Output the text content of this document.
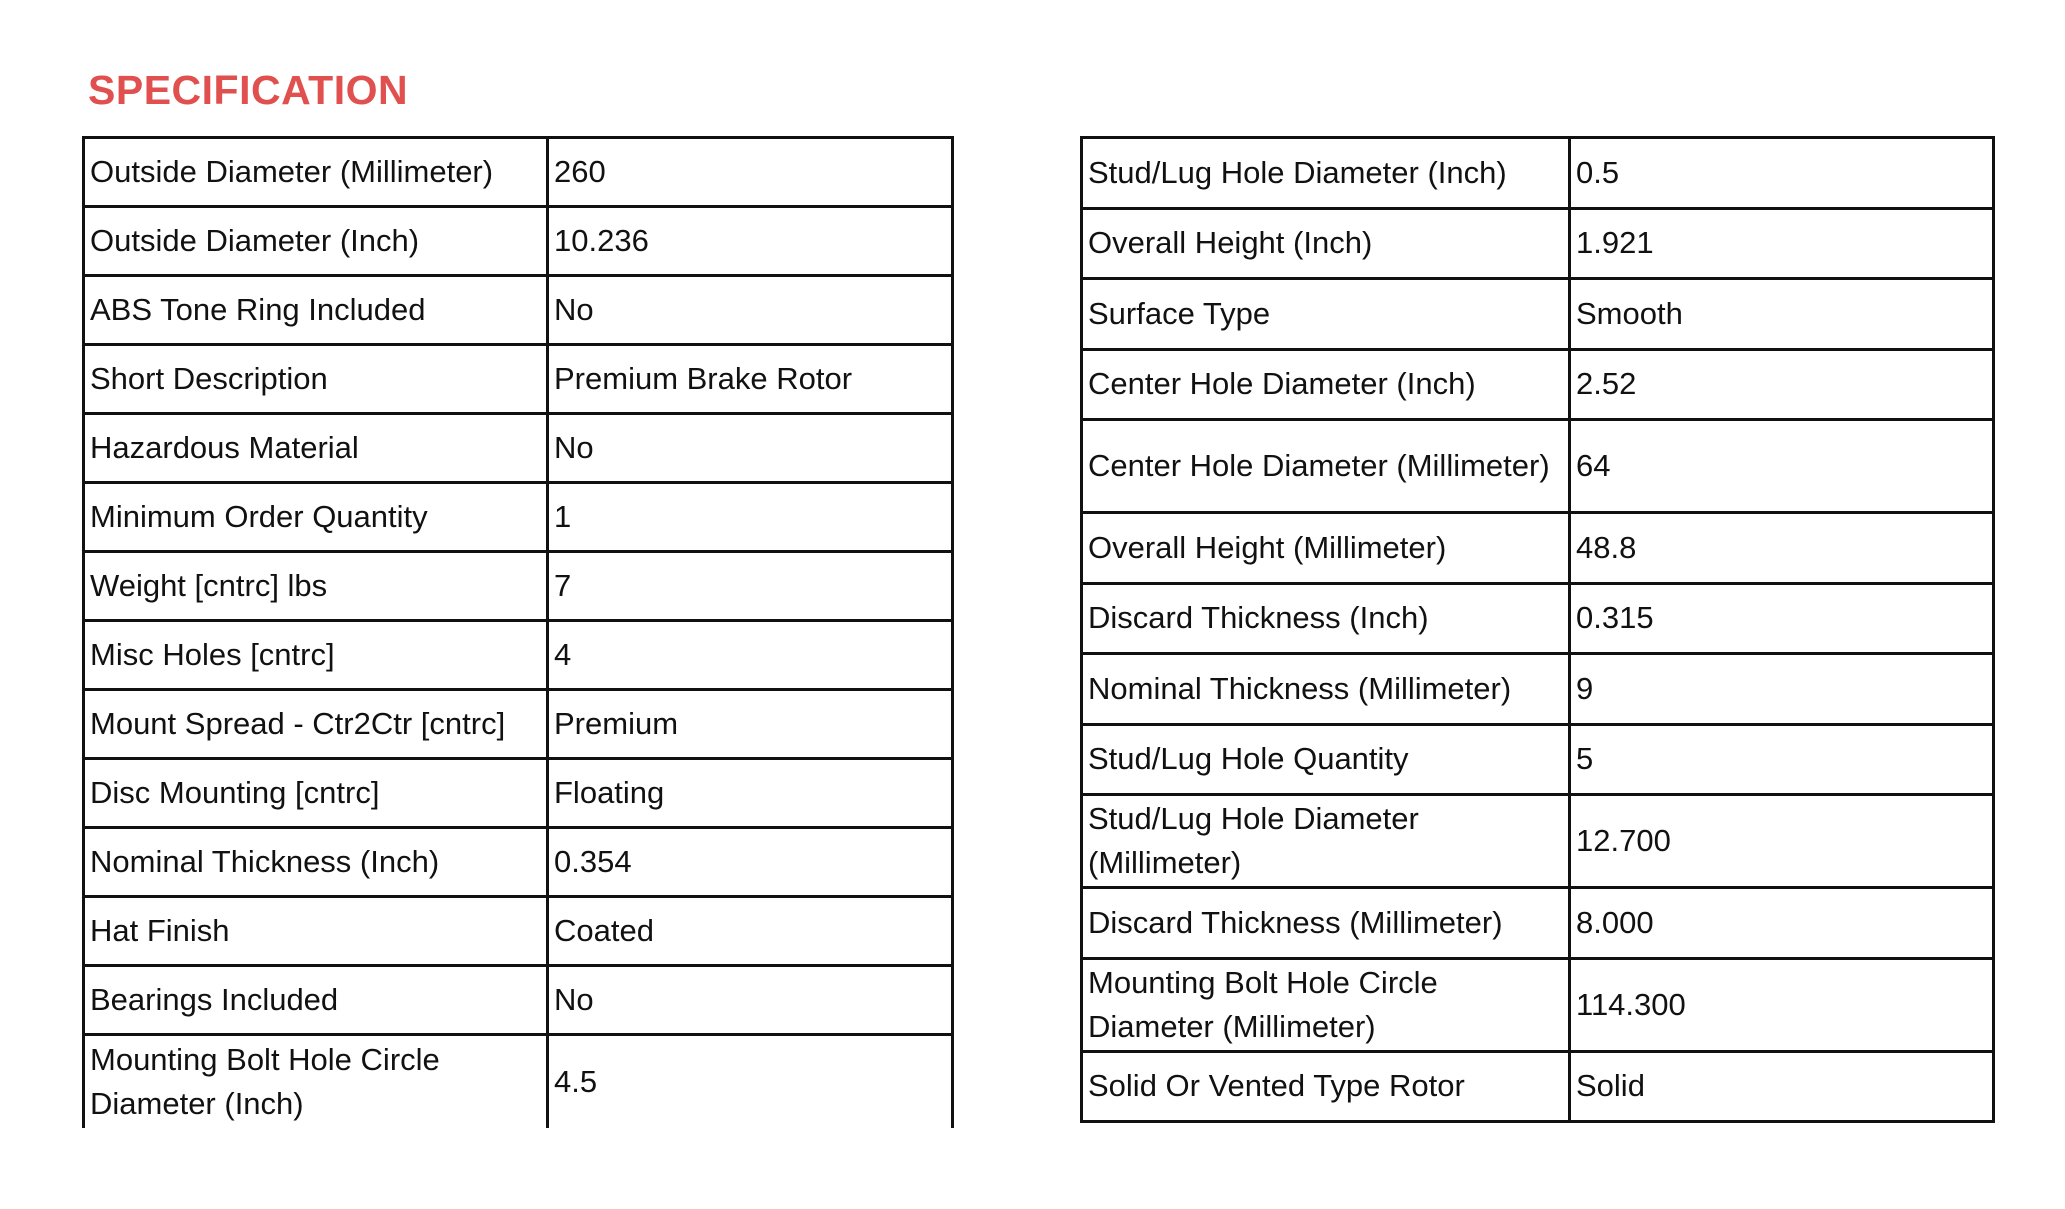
SPECIFICATION
Outside Diameter (Millimeter)	260
Outside Diameter (Inch)	10.236
ABS Tone Ring Included	No
Short Description	Premium Brake Rotor
Hazardous Material	No
Minimum Order Quantity	1
Weight [cntrc] lbs	7
Misc Holes [cntrc]	4
Mount Spread - Ctr2Ctr [cntrc]	Premium
Disc Mounting [cntrc]	Floating
Nominal Thickness (Inch)	0.354
Hat Finish	Coated
Bearings Included	No
Mounting Bolt Hole Circle Diameter (Inch)	4.5
Stud/Lug Hole Diameter (Inch)	0.5
Overall Height (Inch)	1.921
Surface Type	Smooth
Center Hole Diameter (Inch)	2.52
Center Hole Diameter (Millimeter)	64
Overall Height (Millimeter)	48.8
Discard Thickness (Inch)	0.315
Nominal Thickness (Millimeter)	9
Stud/Lug Hole Quantity	5
Stud/Lug Hole Diameter (Millimeter)	12.700
Discard Thickness (Millimeter)	8.000
Mounting Bolt Hole Circle Diameter (Millimeter)	114.300
Solid Or Vented Type Rotor	Solid
